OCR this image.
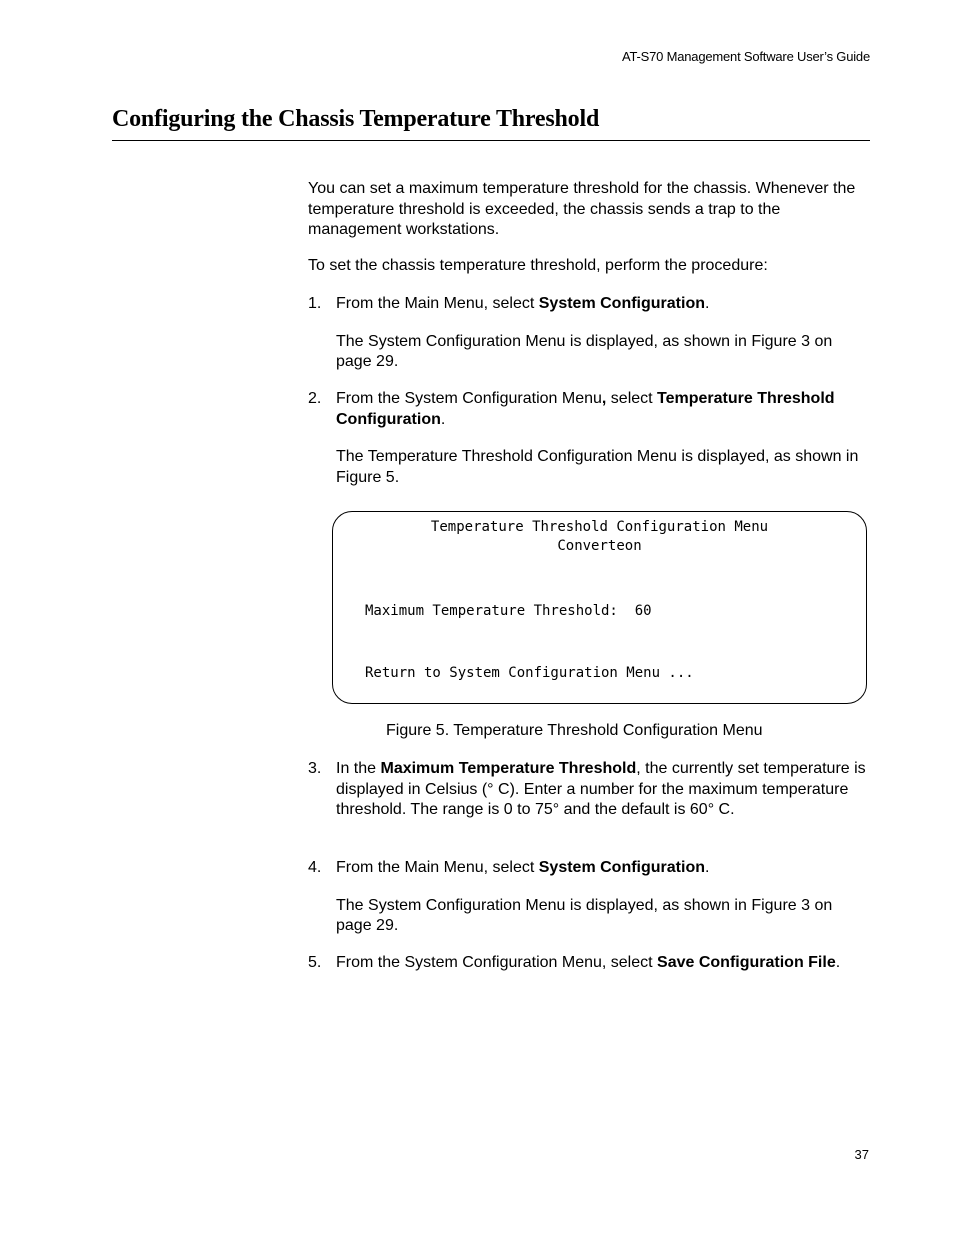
AT-S70 Management Software User’s Guide
Configuring the Chassis Temperature Threshold

You can set a maximum temperature threshold for the chassis. Whenever the temperature threshold is exceeded, the chassis sends a trap to the management workstations.

To set the chassis temperature threshold, perform the procedure:

1. From the Main Menu, select System Configuration.
The System Configuration Menu is displayed, as shown in Figure 3 on page 29.
2. From the System Configuration Menu, select Temperature Threshold Configuration.
The Temperature Threshold Configuration Menu is displayed, as shown in Figure 5.
Temperature Threshold Configuration Menu
Converteon
Maximum Temperature Threshold: 60
Return to System Configuration Menu ...
Figure 5. Temperature Threshold Configuration Menu
3. In the Maximum Temperature Threshold, the currently set temperature is displayed in Celsius (° C). Enter a number for the maximum temperature threshold. The range is 0 to 75° and the default is 60° C.
4. From the Main Menu, select System Configuration.
The System Configuration Menu is displayed, as shown in Figure 3 on page 29.
5. From the System Configuration Menu, select Save Configuration File.
37
